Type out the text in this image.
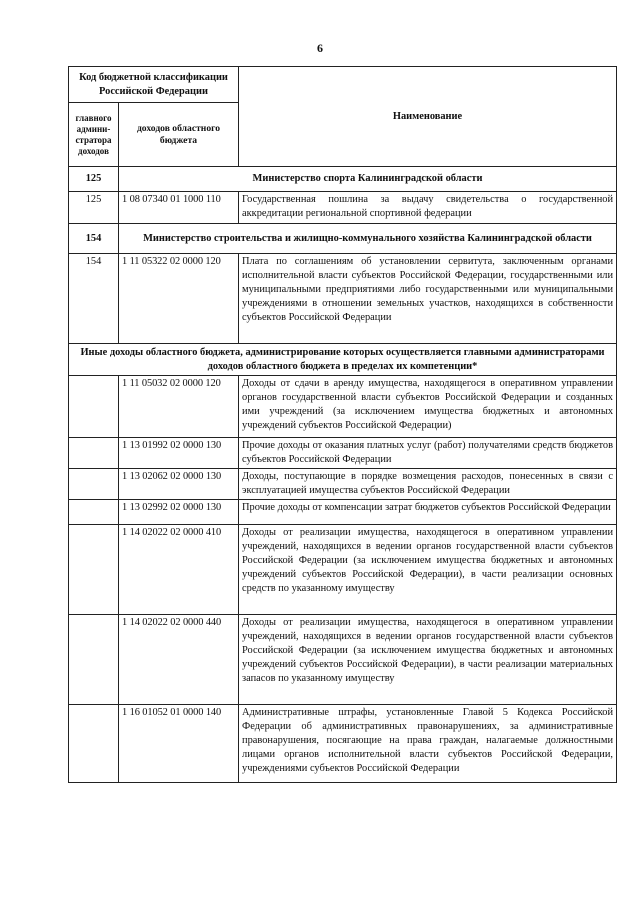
6
Код бюджетной классификации Российской Федерации		Наименование
главного админи-стратора доходов	доходов областного бюджета	
125	Министерство спорта Калининградской области	
125	1 08 07340 01 1000 110	Государственная пошлина за выдачу свидетельства о государственной аккредитации региональной спортивной федерации
154	Министерство строительства и жилищно-коммунального хозяйства Калининградской области	
154	1 11 05322 02 0000 120	Плата по соглашениям об установлении сервитута, заключенным органами исполнительной власти субъектов Российской Федерации, государственными или муниципальными предприятиями либо государственными или муниципальными учреждениями в отношении земельных участков, находящихся в собственности субъектов Российской Федерации
Иные доходы областного бюджета, администрирование которых осуществляется главными администраторами доходов областного бюджета в пределах их компетенции*		
	1 11 05032 02 0000 120	Доходы от сдачи в аренду имущества, находящегося в оперативном управлении органов государственной власти субъектов Российской Федерации и созданных ими учреждений (за исключением имущества бюджетных и автономных учреждений субъектов Российской Федерации)
	1 13 01992 02 0000 130	Прочие доходы от оказания платных услуг (работ) получателями средств бюджетов субъектов Российской Федерации
	1 13 02062 02 0000 130	Доходы, поступающие в порядке возмещения расходов, понесенных в связи с эксплуатацией имущества субъектов Российской Федерации
	1 13 02992 02 0000 130	Прочие доходы от компенсации затрат бюджетов субъектов Российской Федерации
	1 14 02022 02 0000 410	Доходы от реализации имущества, находящегося в оперативном управлении учреждений, находящихся в ведении органов государственной власти субъектов Российской Федерации (за исключением имущества бюджетных и автономных учреждений субъектов Российской Федерации), в части реализации основных средств по указанному имуществу
	1 14 02022 02 0000 440	Доходы от реализации имущества, находящегося в оперативном управлении учреждений, находящихся в ведении органов государственной власти субъектов Российской Федерации (за исключением имущества бюджетных и автономных учреждений субъектов Российской Федерации), в части реализации материальных запасов по указанному имуществу
	1 16 01052 01 0000 140	Административные штрафы, установленные Главой 5 Кодекса Российской Федерации об административных правонарушениях, за административные правонарушения, посягающие на права граждан, налагаемые должностными лицами органов исполнительной власти субъектов Российской Федерации, учреждениями субъектов Российской Федерации
